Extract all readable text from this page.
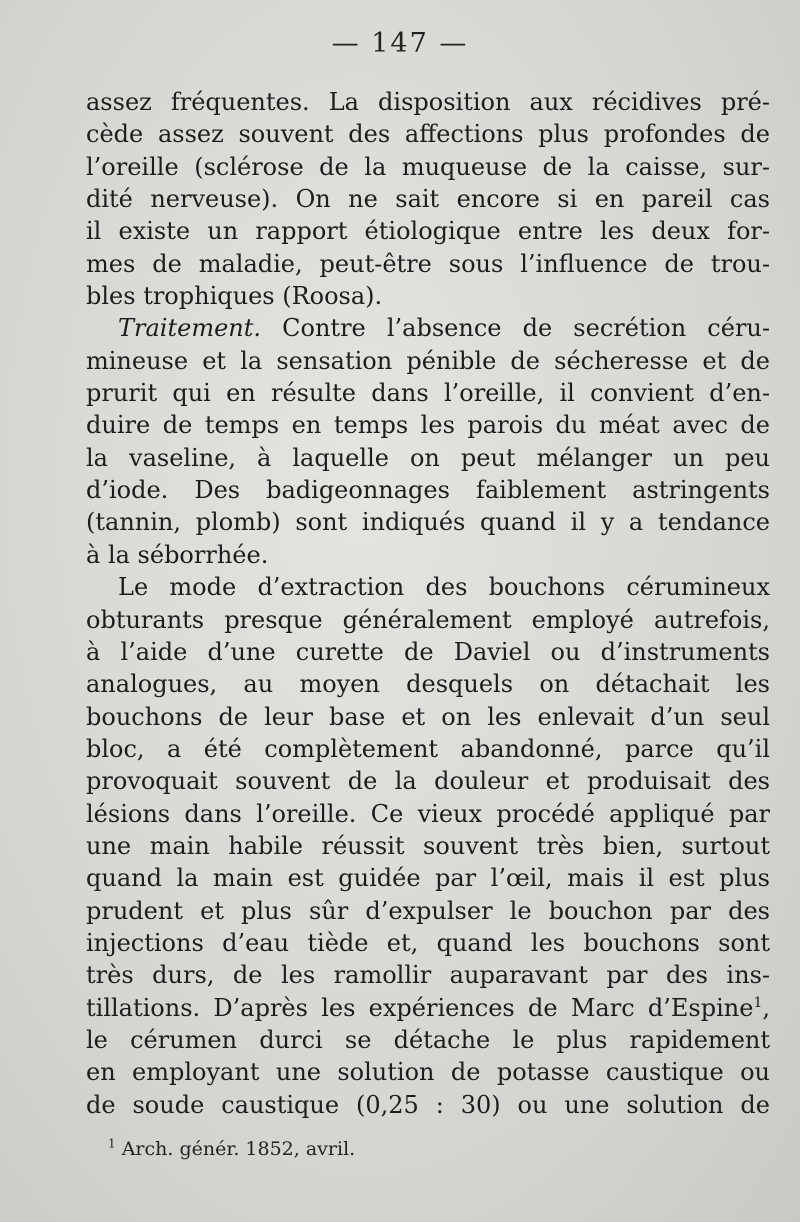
— 147 —
assez fréquentes. La disposition aux récidives pré-
cède assez souvent des affections plus profondes de
l’oreille (sclérose de la muqueuse de la caisse, sur-
dité nerveuse). On ne sait encore si en pareil cas
il existe un rapport étiologique entre les deux for-
mes de maladie, peut-être sous l’influence de trou-
bles trophiques (Roosa).
Traitement. Contre l’absence de secrétion céru-
mineuse et la sensation pénible de sécheresse et de
prurit qui en résulte dans l’oreille, il convient d’en-
duire de temps en temps les parois du méat avec de
la vaseline, à laquelle on peut mélanger un peu
d’iode. Des badigeonnages faiblement astringents
(tannin, plomb) sont indiqués quand il y a tendance
à la séborrhée.
Le mode d’extraction des bouchons cérumineux
obturants presque généralement employé autrefois,
à l’aide d’une curette de Daviel ou d’instruments
analogues, au moyen desquels on détachait les
bouchons de leur base et on les enlevait d’un seul
bloc, a été complètement abandonné, parce qu’il
provoquait souvent de la douleur et produisait des
lésions dans l’oreille. Ce vieux procédé appliqué par
une main habile réussit souvent très bien, surtout
quand la main est guidée par l’œil, mais il est plus
prudent et plus sûr d’expulser le bouchon par des
injections d’eau tiède et, quand les bouchons sont
très durs, de les ramollir auparavant par des ins-
tillations. D’après les expériences de Marc d’Espine$^1$,
le cérumen durci se détache le plus rapidement
en employant une solution de potasse caustique ou
de soude caustique (0,25 : 30) ou une solution de
$^1$ Arch. génér. 1852, avril.
